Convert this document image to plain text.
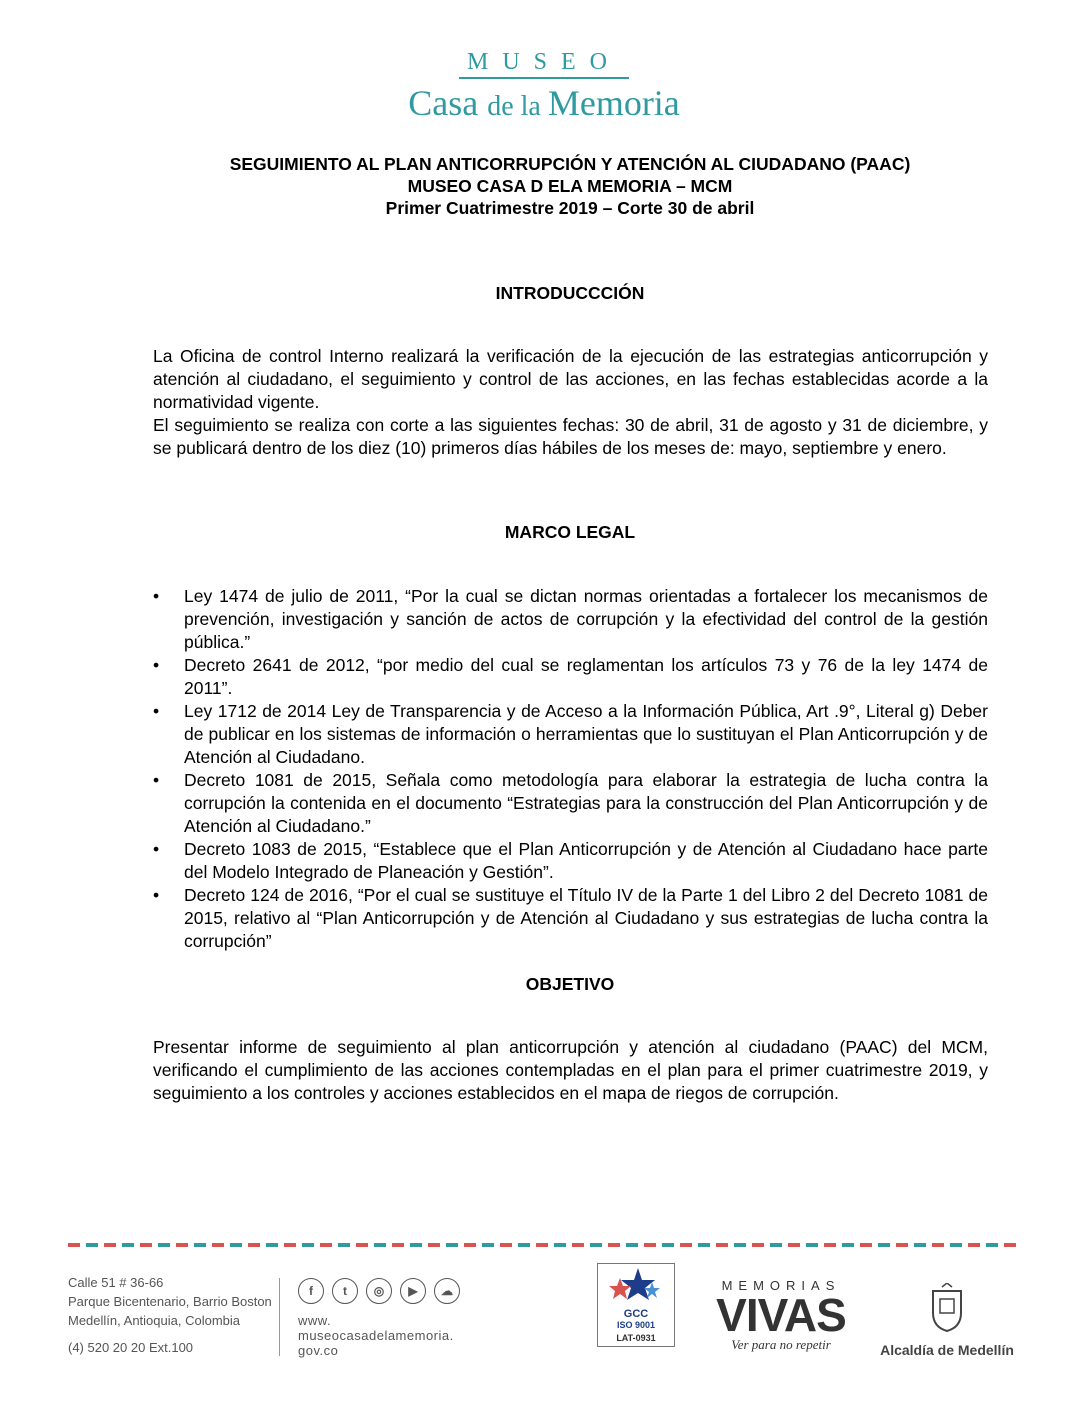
MUSEO
Casa de la Memoria
SEGUIMIENTO AL PLAN ANTICORRUPCIÓN Y ATENCIÓN AL CIUDADANO (PAAC)
MUSEO CASA D ELA MEMORIA – MCM
Primer Cuatrimestre 2019 – Corte 30 de abril
INTRODUCCCIÓN

La Oficina de control Interno realizará la verificación de la ejecución de las estrategias anticorrupción y atención al ciudadano, el seguimiento y control de las acciones, en las fechas establecidas acorde a la normatividad vigente.

El seguimiento se realiza con corte a las siguientes fechas: 30 de abril, 31 de agosto y 31 de diciembre, y se publicará dentro de los diez (10) primeros días hábiles de los meses de: mayo, septiembre y enero.

MARCO LEGAL
• Ley 1474 de julio de 2011, “Por la cual se dictan normas orientadas a fortalecer los mecanismos de prevención, investigación y sanción de actos de corrupción y la efectividad del control de la gestión pública.”
• Decreto 2641 de 2012, “por medio del cual se reglamentan los artículos 73 y 76 de la ley 1474 de 2011”.
• Ley 1712 de 2014 Ley de Transparencia y de Acceso a la Información Pública, Art .9°, Literal g) Deber de publicar en los sistemas de información o herramientas que lo sustituyan el Plan Anticorrupción y de Atención al Ciudadano.
• Decreto 1081 de 2015, Señala como metodología para elaborar la estrategia de lucha contra la corrupción la contenida en el documento “Estrategias para la construcción del Plan Anticorrupción y de Atención al Ciudadano.”
• Decreto 1083 de 2015, “Establece que el Plan Anticorrupción y de Atención al Ciudadano hace parte del Modelo Integrado de Planeación y Gestión”.
• Decreto 124 de 2016, “Por el cual se sustituye el Título IV de la Parte 1 del Libro 2 del Decreto 1081 de 2015, relativo al “Plan Anticorrupción y de Atención al Ciudadano y sus estrategias de lucha contra la corrupción”
OBJETIVO

Presentar informe de seguimiento al plan anticorrupción y atención al ciudadano (PAAC) del MCM, verificando el cumplimiento de las acciones contempladas en el plan para el primer cuatrimestre 2019, y seguimiento a los controles y acciones establecidos en el mapa de riegos de corrupción.

Calle 51 # 36-66
Parque Bicentenario, Barrio Boston
Medellín, Antioquia, Colombia
(4) 520 20 20 Ext.100
f	t	◎	▶	☁
www.
museocasadelamemoria.
gov.co
GCC
ISO 9001
LAT-0931
MEMORIAS
VIVAS
Ver para no repetir	Alcaldía de Medellín
